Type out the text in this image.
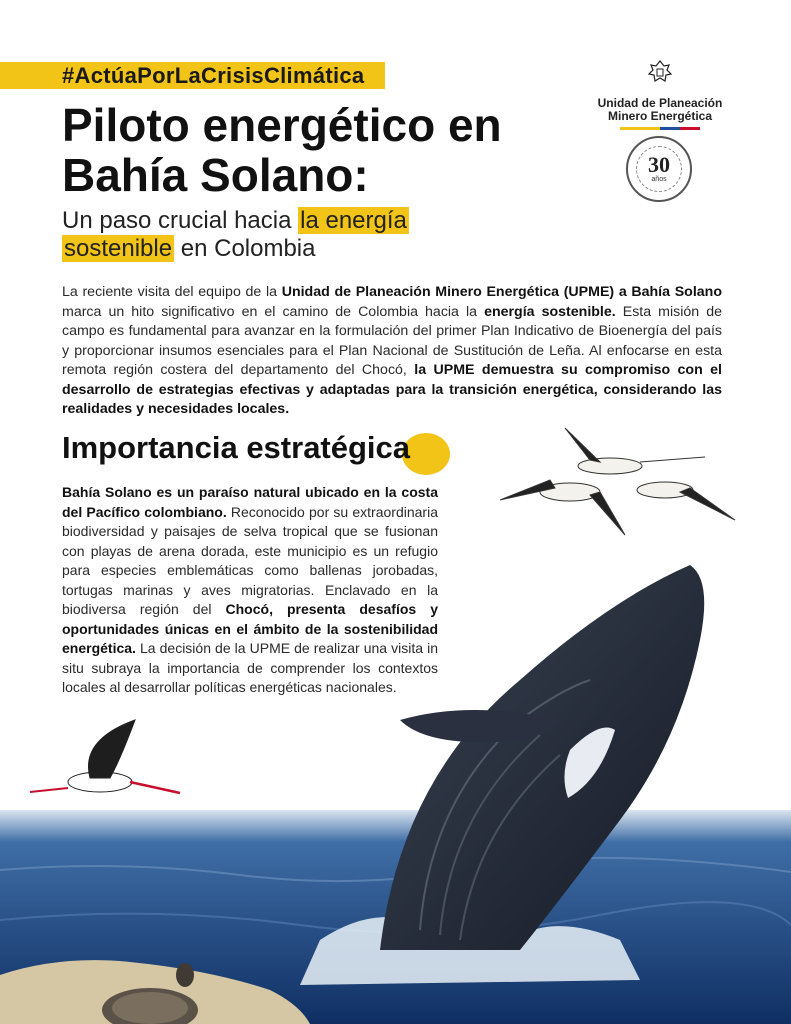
#ActúaPorLaCrisisClimática
Piloto energético en Bahía Solano:

Un paso crucial hacia la energía
sostenible en Colombia

Unidad de Planeación
Minero Energética
30
años

La reciente visita del equipo de la Unidad de Planeación Minero Energética (UPME) a Bahía Solano marca un hito significativo en el camino de Colombia hacia la energía sostenible. Esta misión de campo es fundamental para avanzar en la formulación del primer Plan Indicativo de Bioenergía del país y proporcionar insumos esenciales para el Plan Nacional de Sustitución de Leña. Al enfocarse en esta remota región costera del departamento del Chocó, la UPME demuestra su compromiso con el desarrollo de estrategias efectivas y adaptadas para la transición energética, considerando las realidades y necesidades locales.

Importancia estratégica

Bahía Solano es un paraíso natural ubicado en la costa del Pacífico colombiano. Reconocido por su extraordinaria biodiversidad y paisajes de selva tropical que se fusionan con playas de arena dorada, este municipio es un refugio para especies emblemáticas como ballenas jorobadas, tortugas marinas y aves migratorias. Enclavado en la biodiversa región del Chocó, presenta desafíos y oportunidades únicas en el ámbito de la sostenibilidad energética. La decisión de la UPME de realizar una visita in situ subraya la importancia de comprender los contextos locales al desarrollar políticas energéticas nacionales.
